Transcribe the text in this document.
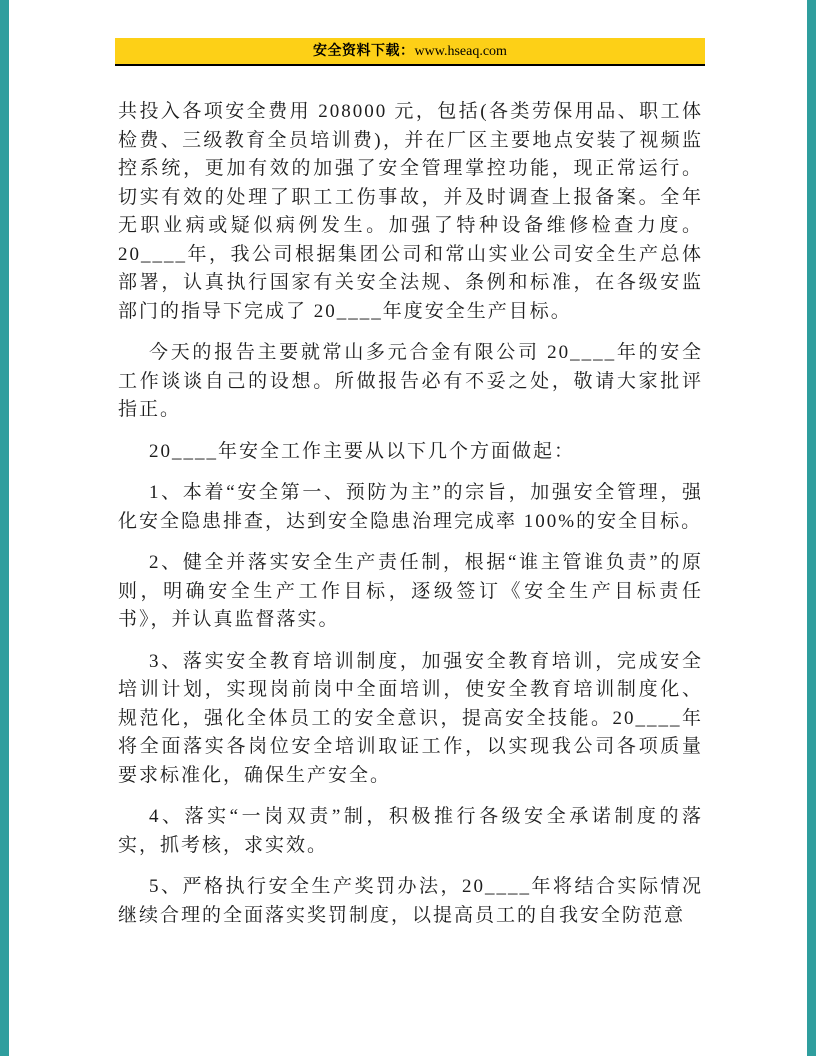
安全资料下载：www.hseaq.com

共投入各项安全费用 208000 元，包括(各类劳保用品、职工体检费、三级教育全员培训费)，并在厂区主要地点安装了视频监控系统，更加有效的加强了安全管理掌控功能，现正常运行。切实有效的处理了职工工伤事故，并及时调查上报备案。全年无职业病或疑似病例发生。加强了特种设备维修检查力度。20____年，我公司根据集团公司和常山实业公司安全生产总体部署，认真执行国家有关安全法规、条例和标准，在各级安监部门的指导下完成了 20____年度安全生产目标。

今天的报告主要就常山多元合金有限公司 20____年的安全工作谈谈自己的设想。所做报告必有不妥之处，敬请大家批评指正。

20____年安全工作主要从以下几个方面做起：

1、本着“安全第一、预防为主”的宗旨，加强安全管理，强化安全隐患排查，达到安全隐患治理完成率 100%的安全目标。

2、健全并落实安全生产责任制，根据“谁主管谁负责”的原则，明确安全生产工作目标，逐级签订《安全生产目标责任书》，并认真监督落实。

3、落实安全教育培训制度，加强安全教育培训，完成安全培训计划，实现岗前岗中全面培训，使安全教育培训制度化、规范化，强化全体员工的安全意识，提高安全技能。20____年将全面落实各岗位安全培训取证工作，以实现我公司各项质量要求标准化，确保生产安全。

4、落实“一岗双责”制，积极推行各级安全承诺制度的落实，抓考核，求实效。

5、严格执行安全生产奖罚办法，20____年将结合实际情况继续合理的全面落实奖罚制度，以提高员工的自我安全防范意
